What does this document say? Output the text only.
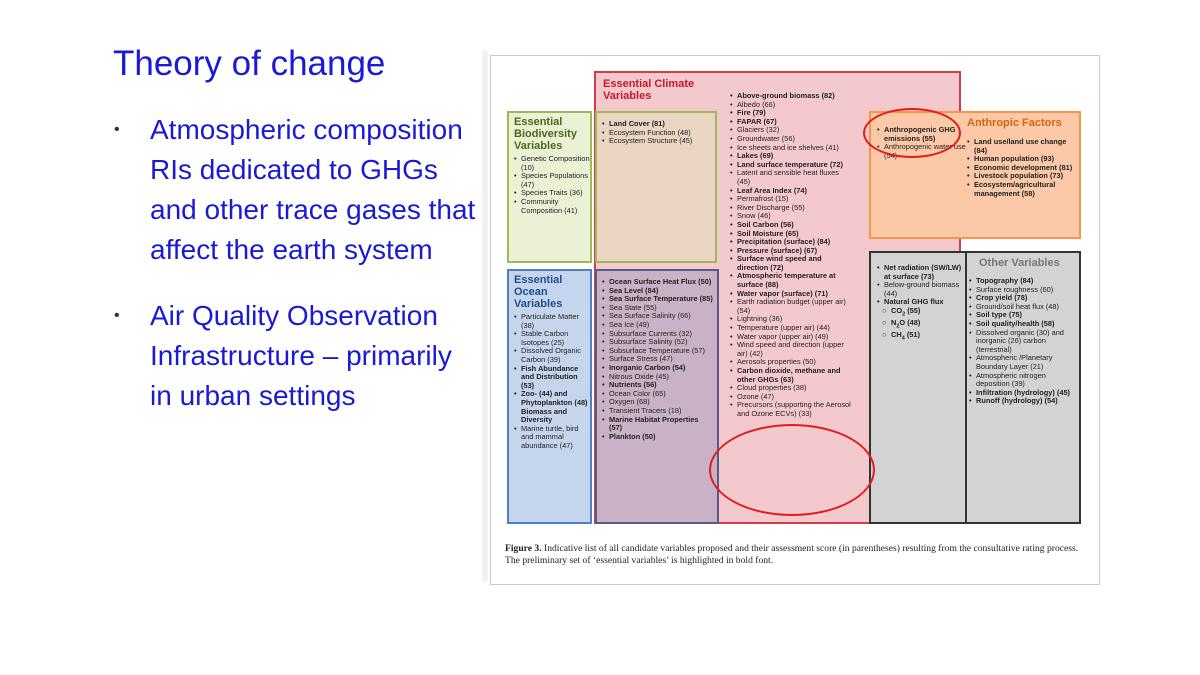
Theory of change
• Atmospheric composition RIs dedicated to GHGs and other trace gases that affect the earth system
• Air Quality Observation Infrastructure – primarily in urban settings
Essential Climate Variables
•	Above-ground biomass (82)
• Albedo (66)
• Fire (79)
• FAPAR (67)
• Glaciers (32)
• Groundwater (56)
• Ice sheets and ice shelves (41)
• Lakes (69)
• Land surface temperature (72)
• Latent and sensible heat fluxes (45)
• Leaf Area Index (74)
• Permafrost (15)
• River Discharge (55)
• Snow (46)
• Soil Carbon (56)
• Soil Moisture (65)
• Precipitation (surface) (84)
• Pressure (surface) (67)
• Surface wind speed and direction (72)
• Atmospheric temperature at surface (88)
• Water vapor (surface) (71)
• Earth radiation budget (upper air) (54)
• Lightning (36)
• Temperature (upper air) (44)
• Water vapor (upper air) (49)
• Wind speed and direction (upper air) (42)
• Aerosols properties (50)
• Carbon dioxide, methane and other GHGs (63)
• Cloud properties (38)
• Ozone (47)
• Precursors (supporting the Aerosol and Ozone ECVs) (33)
Essential Biodiversity Variables
• Genetic Composition (10)
• Species Populations (47)
• Species Traits (36)
• Community Composition (41)
• Land Cover (81)
• Ecosystem Function (48)
• Ecosystem Structure (45)
Essential Ocean Variables
• Particulate Matter (38)
• Stable Carbon Isotopes (25)
• Dissolved Organic Carbon (39)
• Fish Abundance and Distribution (53)
• Zoo- (44) and Phytoplankton (48) Biomass and Diversity
• Marine turtle, bird and mammal abundance (47)
• Ocean Surface Heat Flux (50)
• Sea Level (84)
• Sea Surface Temperature (85)
• Sea State (55)
• Sea Surface Salinity (66)
• Sea Ice (49)
• Subsurface Currents (32)
• Subsurface Salinity (52)
• Subsurface Temperature (57)
• Surface Stress (47)
• Inorganic Carbon (54)
• Nitrous Oxide (45)
• Nutrients (56)
• Ocean Color (65)
• Oxygen (68)
• Transient Tracers (18)
• Marine Habitat Properties (57)
• Plankton (50)
Anthropic Factors
• Anthropogenic GHG emissions (55)
• Anthropogenic water use (54)
• Land use/land use change (84)
• Human population (93)
• Economic development (81)
• Livestock population (73)
• Ecosystem/agricultural management (58)
Other Variables
• Net radiation (SW/LW) at surface (73)
• Below-ground biomass (44)
• Natural GHG flux
○ $CO_2$ (55)
○ $N_2O$ (48)
○ $CH_4$ (51)
• Topography (84)
• Surface roughness (60)
• Crop yield (78)
• Ground/soil heat flux (48)
• Soil type (75)
• Soil quality/health (58)
• Dissolved organic (30) and inorganic (26) carbon (terrestrial)
• Atmospheric /Planetary Boundary Layer (21)
• Atmospheric nitrogen deposition (39)
• Infiltration (hydrology) (45)
• Runoff (hydrology) (54)
Figure 3. Indicative list of all candidate variables proposed and their assessment score (in parentheses) resulting from the consultative rating process. The preliminary set of ‘essential variables’ is highlighted in bold font.
